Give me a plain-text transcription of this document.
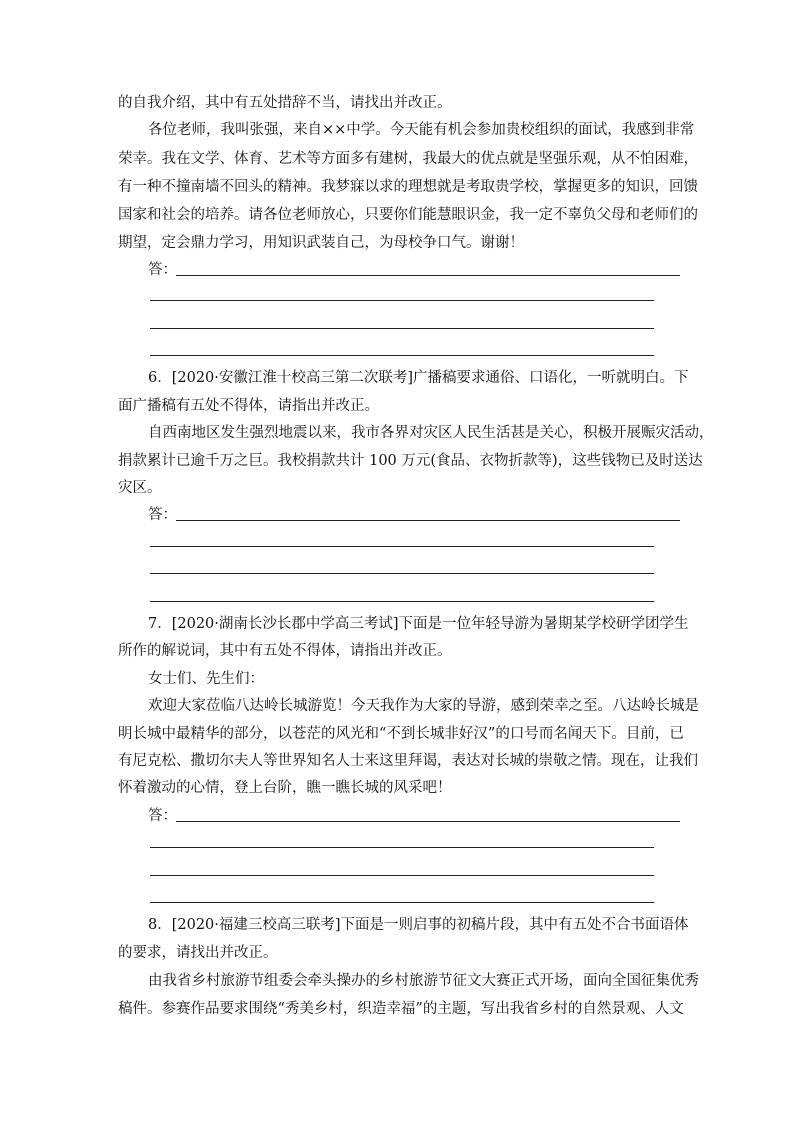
的自我介绍，其中有五处措辞不当，请找出并改正。
各位老师，我叫张强，来自××中学。今天能有机会参加贵校组织的面试，我感到非常
荣幸。我在文学、体育、艺术等方面多有建树，我最大的优点就是坚强乐观，从不怕困难，
有一种不撞南墙不回头的精神。我梦寐以求的理想就是考取贵学校，掌握更多的知识，回馈
国家和社会的培养。请各位老师放心，只要你们能慧眼识金，我一定不辜负父母和老师们的
期望，定会鼎力学习，用知识武装自己，为母校争口气。谢谢！
答：
6．[2020·安徽江淮十校高三第二次联考]广播稿要求通俗、口语化，一听就明白。下
面广播稿有五处不得体，请指出并改正。
自西南地区发生强烈地震以来，我市各界对灾区人民生活甚是关心，积极开展赈灾活动，
捐款累计已逾千万之巨。我校捐款共计 100 万元(食品、衣物折款等)，这些钱物已及时送达
灾区。
答：
7．[2020·湖南长沙长郡中学高三考试]下面是一位年轻导游为暑期某学校研学团学生
所作的解说词，其中有五处不得体，请指出并改正。
女士们、先生们：
欢迎大家莅临八达岭长城游览！今天我作为大家的导游，感到荣幸之至。八达岭长城是
明长城中最精华的部分，以苍茫的风光和“不到长城非好汉”的口号而名闻天下。目前，已
有尼克松、撒切尔夫人等世界知名人士来这里拜谒，表达对长城的崇敬之情。现在，让我们
怀着激动的心情，登上台阶，瞧一瞧长城的风采吧！
答：
8．[2020·福建三校高三联考]下面是一则启事的初稿片段，其中有五处不合书面语体
的要求，请找出并改正。
由我省乡村旅游节组委会牵头操办的乡村旅游节征文大赛正式开场，面向全国征集优秀
稿件。参赛作品要求围绕“秀美乡村，织造幸福”的主题，写出我省乡村的自然景观、人文
